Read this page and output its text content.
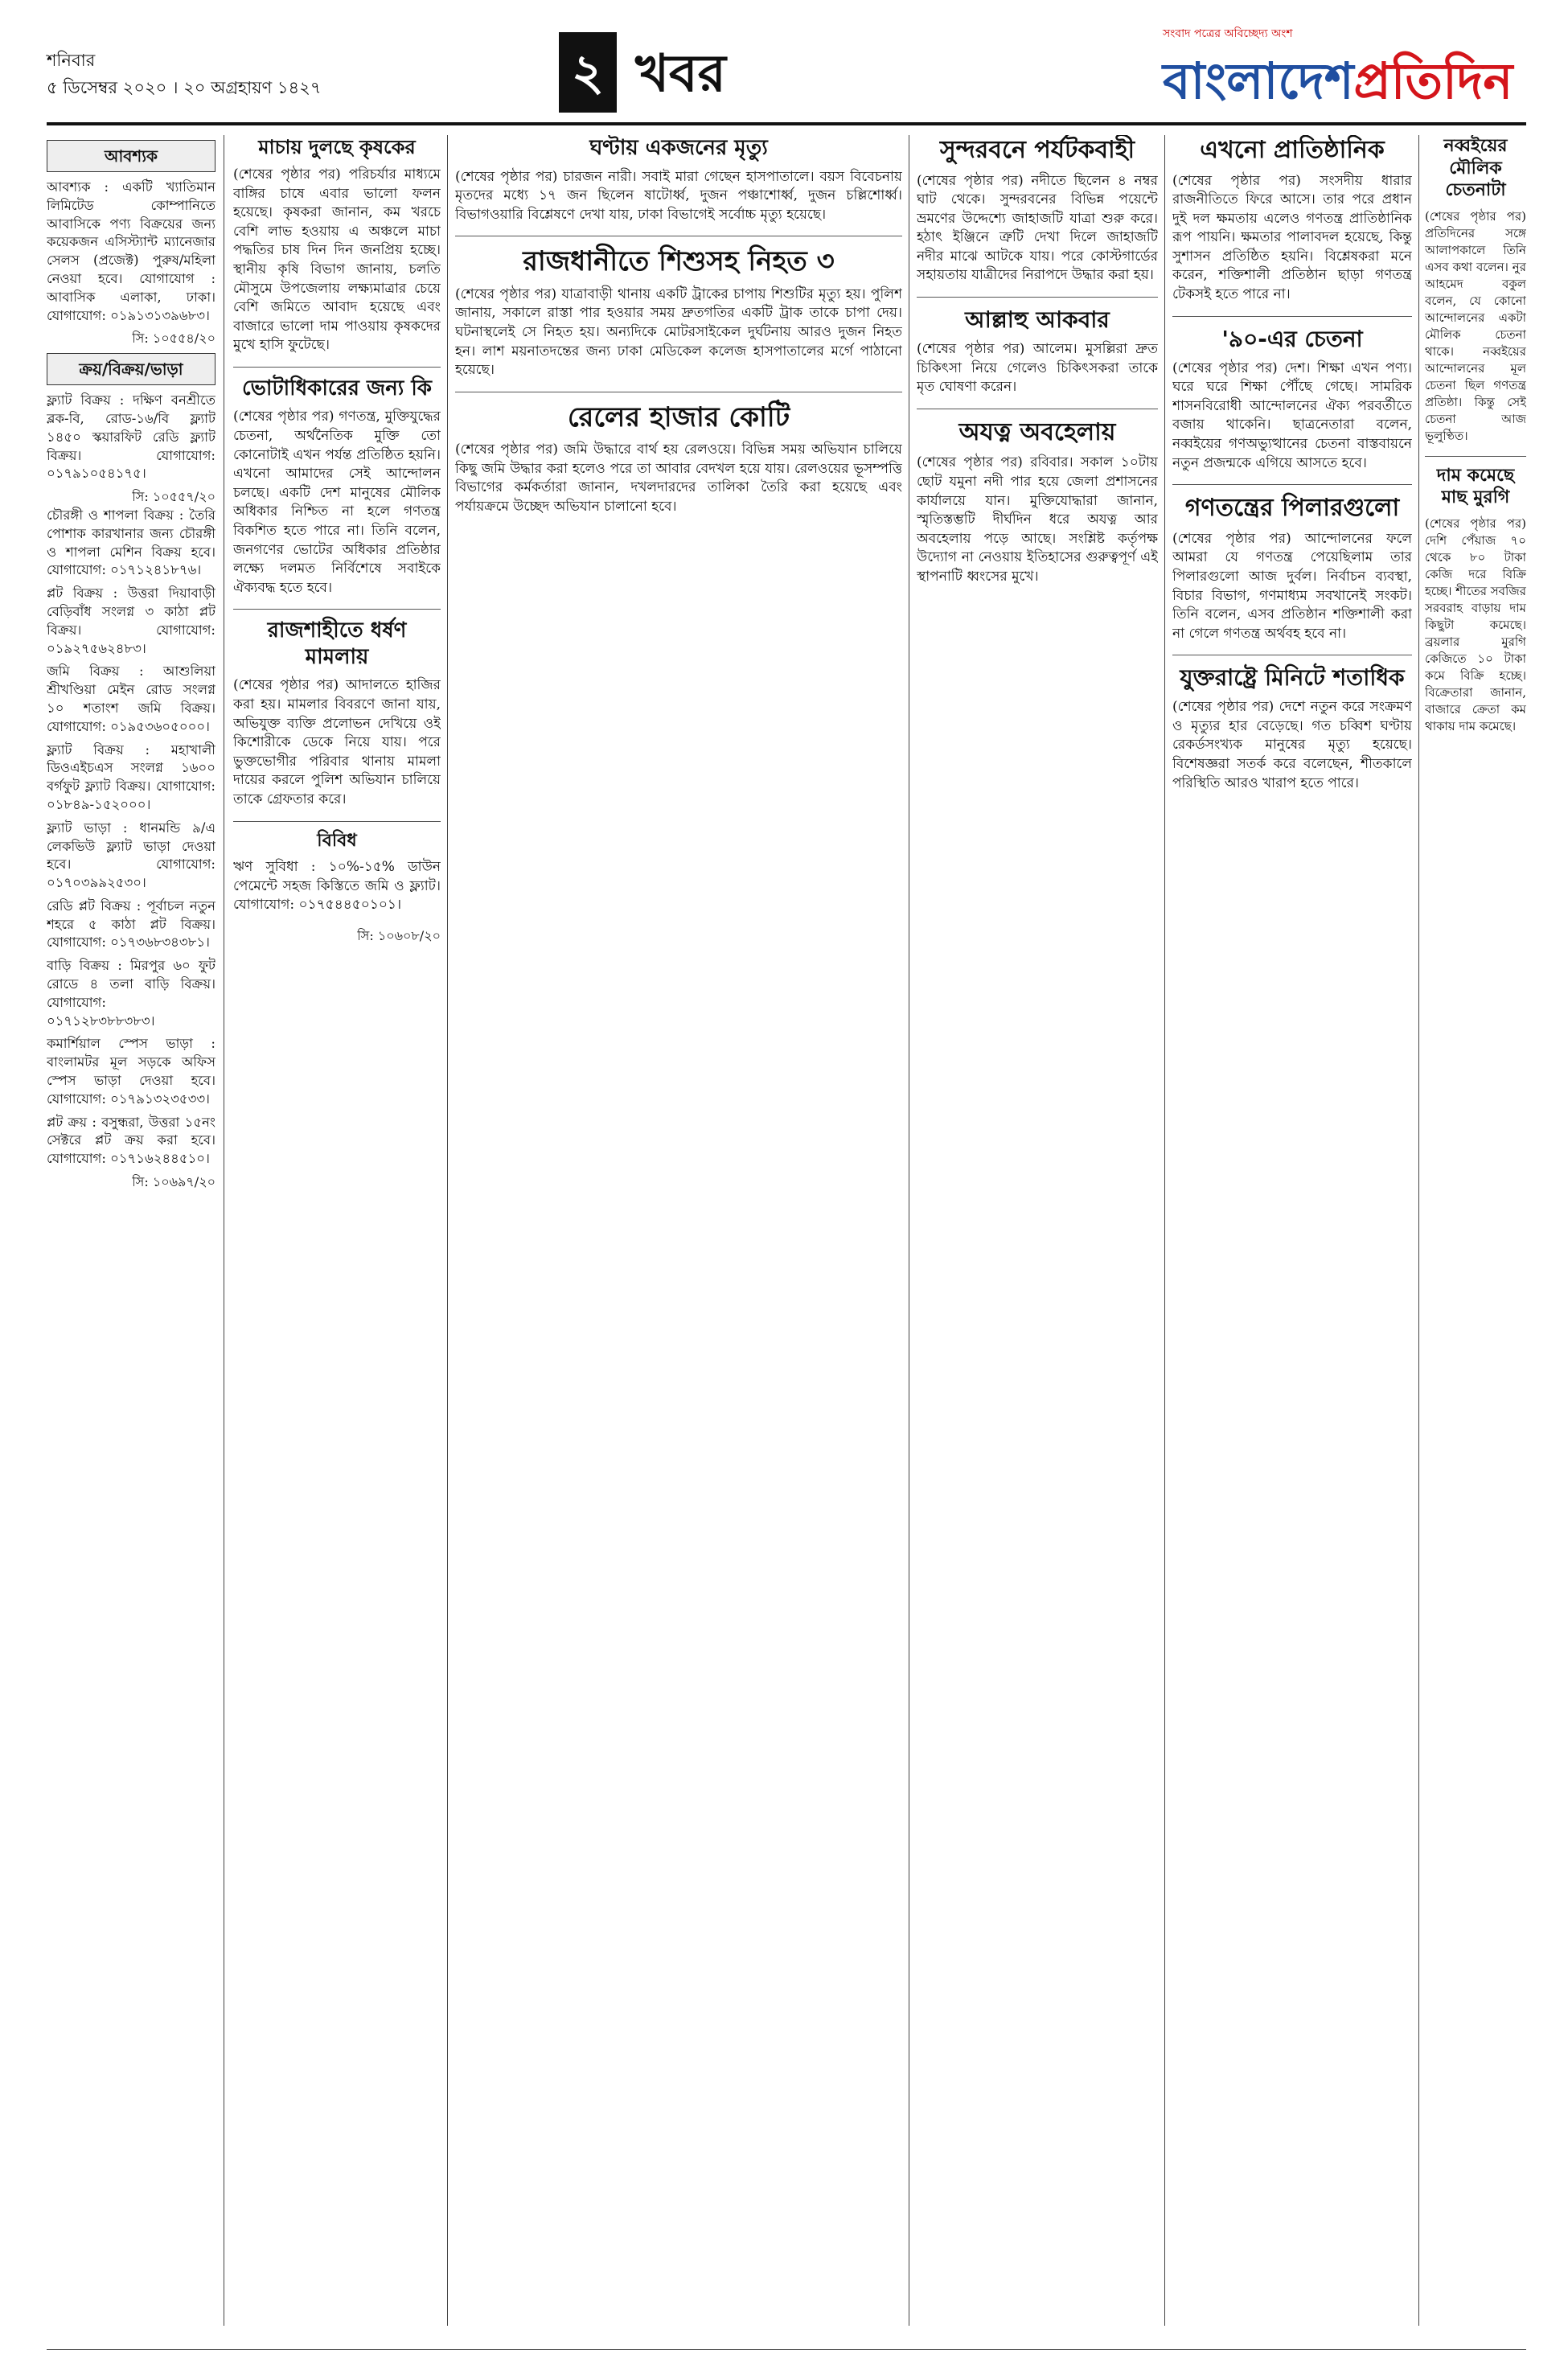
শনিবার
৫ ডিসেম্বর ২০২০ । ২০ অগ্রহায়ণ ১৪২৭	২ খবর
সংবাদ পত্রের অবিচ্ছেদ্য অংশ
বাংলাদেশপ্রতিদিন
আবশ্যক

আবশ্যক : একটি খ্যাতিমান লিমিটেড কোম্পানিতে আবাসিকে পণ্য বিক্রয়ের জন্য কয়েকজন এসিস্ট্যান্ট ম্যানেজার সেলস (প্রজেক্ট) পুরুষ/মহিলা নেওয়া হবে। যোগাযোগ : আবাসিক এলাকা, ঢাকা। যোগাযোগ: ০১৯১৩১৩৯৬৮৩।

সি: ১০৫৫৪/২০
ক্রয়/বিক্রয়/ভাড়া

ফ্ল্যাট বিক্রয় : দক্ষিণ বনশ্রীতে ব্লক-বি, রোড-১৬/বি ফ্ল্যাট ১৪৫০ স্কয়ারফিট রেডি ফ্ল্যাট বিক্রয়। যোগাযোগ: ০১৭৯১০৫৪১৭৫।

সি: ১০৫৫৭/২০

চৌরঙ্গী ও শাপলা বিক্রয় : তৈরি পোশাক কারখানার জন্য চৌরঙ্গী ও শাপলা মেশিন বিক্রয় হবে। যোগাযোগ: ০১৭১২৪১৮৭৬।

প্লট বিক্রয় : উত্তরা দিয়াবাড়ী বেড়িবাঁধ সংলগ্ন ৩ কাঠা প্লট বিক্রয়। যোগাযোগ: ০১৯২৭৫৬২৪৮৩।

জমি বিক্রয় : আশুলিয়া শ্রীখণ্ডিয়া মেইন রোড সংলগ্ন ১০ শতাংশ জমি বিক্রয়। যোগাযোগ: ০১৯৫৩৬০৫০০০।

ফ্ল্যাট বিক্রয় : মহাখালী ডিওএইচএস সংলগ্ন ১৬০০ বর্গফুট ফ্ল্যাট বিক্রয়। যোগাযোগ: ০১৮৪৯-১৫২০০০।

ফ্ল্যাট ভাড়া : ধানমন্ডি ৯/এ লেকভিউ ফ্ল্যাট ভাড়া দেওয়া হবে। যোগাযোগ: ০১৭০৩৯৯২৫৩০।

রেডি প্লট বিক্রয় : পূর্বাচল নতুন শহরে ৫ কাঠা প্লট বিক্রয়। যোগাযোগ: ০১৭৩৬৮৩৪৩৮১।

বাড়ি বিক্রয় : মিরপুর ৬০ ফুট রোডে ৪ তলা বাড়ি বিক্রয়। যোগাযোগ: ০১৭১২৮৩৮৮৩৮৩।

কমার্শিয়াল স্পেস ভাড়া : বাংলামটর মূল সড়কে অফিস স্পেস ভাড়া দেওয়া হবে। যোগাযোগ: ০১৭৯১৩২৩৫৩৩।

প্লট ক্রয় : বসুন্ধরা, উত্তরা ১৫নং সেক্টরে প্লট ক্রয় করা হবে। যোগাযোগ: ০১৭১৬২৪৪৫১০।

সি: ১০৬৯৭/২০
মাচায় দুলছে কৃষকের
(শেষের পৃষ্ঠার পর) পরিচর্যার মাধ্যমে বাঙ্গির চাষে এবার ভালো ফলন হয়েছে। কৃষকরা জানান, কম খরচে বেশি লাভ হওয়ায় এ অঞ্চলে মাচা পদ্ধতির চাষ দিন দিন জনপ্রিয় হচ্ছে। স্থানীয় কৃষি বিভাগ জানায়, চলতি মৌসুমে উপজেলায় লক্ষ্যমাত্রার চেয়ে বেশি জমিতে আবাদ হয়েছে এবং বাজারে ভালো দাম পাওয়ায় কৃষকদের মুখে হাসি ফুটেছে।
ভোটাধিকারের জন্য কি
(শেষের পৃষ্ঠার পর) গণতন্ত্র, মুক্তিযুদ্ধের চেতনা, অর্থনৈতিক মুক্তি তো কোনোটাই এখন পর্যন্ত প্রতিষ্ঠিত হয়নি। এখনো আমাদের সেই আন্দোলন চলছে। একটি দেশ মানুষের মৌলিক অধিকার নিশ্চিত না হলে গণতন্ত্র বিকশিত হতে পারে না। তিনি বলেন, জনগণের ভোটের অধিকার প্রতিষ্ঠার লক্ষ্যে দলমত নির্বিশেষে সবাইকে ঐক্যবদ্ধ হতে হবে।
রাজশাহীতে ধর্ষণ মামলায়
(শেষের পৃষ্ঠার পর) আদালতে হাজির করা হয়। মামলার বিবরণে জানা যায়, অভিযুক্ত ব্যক্তি প্রলোভন দেখিয়ে ওই কিশোরীকে ডেকে নিয়ে যায়। পরে ভুক্তভোগীর পরিবার থানায় মামলা দায়ের করলে পুলিশ অভিযান চালিয়ে তাকে গ্রেফতার করে।
বিবিধ
ঋণ সুবিধা : ১০%-১৫% ডাউন পেমেন্টে সহজ কিস্তিতে জমি ও ফ্ল্যাট। যোগাযোগ: ০১৭৫৪৪৫০১০১।
সি: ১০৬০৮/২০
ঘণ্টায় একজনের মৃত্যু
(শেষের পৃষ্ঠার পর) চারজন নারী। সবাই মারা গেছেন হাসপাতালে। বয়স বিবেচনায় মৃতদের মধ্যে ১৭ জন ছিলেন ষাটোর্ধ্ব, দুজন পঞ্চাশোর্ধ্ব, দুজন চল্লিশোর্ধ্ব। বিভাগওয়ারি বিশ্লেষণে দেখা যায়, ঢাকা বিভাগেই সর্বোচ্চ মৃত্যু হয়েছে।
রাজধানীতে শিশুসহ নিহত ৩
(শেষের পৃষ্ঠার পর) যাত্রাবাড়ী থানায় একটি ট্রাকের চাপায় শিশুটির মৃত্যু হয়। পুলিশ জানায়, সকালে রাস্তা পার হওয়ার সময় দ্রুতগতির একটি ট্রাক তাকে চাপা দেয়। ঘটনাস্থলেই সে নিহত হয়। অন্যদিকে মোটরসাইকেল দুর্ঘটনায় আরও দুজন নিহত হন। লাশ ময়নাতদন্তের জন্য ঢাকা মেডিকেল কলেজ হাসপাতালের মর্গে পাঠানো হয়েছে।
রেলের হাজার কোটি
(শেষের পৃষ্ঠার পর) জমি উদ্ধারে বার্থ হয় রেলওয়ে। বিভিন্ন সময় অভিযান চালিয়ে কিছু জমি উদ্ধার করা হলেও পরে তা আবার বেদখল হয়ে যায়। রেলওয়ের ভূসম্পত্তি বিভাগের কর্মকর্তারা জানান, দখলদারদের তালিকা তৈরি করা হয়েছে এবং পর্যায়ক্রমে উচ্ছেদ অভিযান চালানো হবে।
সুন্দরবনে পর্যটকবাহী
(শেষের পৃষ্ঠার পর) নদীতে ছিলেন ৪ নম্বর ঘাট থেকে। সুন্দরবনের বিভিন্ন পয়েন্টে ভ্রমণের উদ্দেশ্যে জাহাজটি যাত্রা শুরু করে। হঠাৎ ইঞ্জিনে ত্রুটি দেখা দিলে জাহাজটি নদীর মাঝে আটকে যায়। পরে কোস্টগার্ডের সহায়তায় যাত্রীদের নিরাপদে উদ্ধার করা হয়।
আল্লাহু আকবার
(শেষের পৃষ্ঠার পর) আলেম। মুসল্লিরা দ্রুত চিকিৎসা নিয়ে গেলেও চিকিৎসকরা তাকে মৃত ঘোষণা করেন।
অযত্ন অবহেলায়
(শেষের পৃষ্ঠার পর) রবিবার। সকাল ১০টায় ছোট যমুনা নদী পার হয়ে জেলা প্রশাসনের কার্যালয়ে যান। মুক্তিযোদ্ধারা জানান, স্মৃতিস্তম্ভটি দীর্ঘদিন ধরে অযত্ন আর অবহেলায় পড়ে আছে। সংশ্লিষ্ট কর্তৃপক্ষ উদ্যোগ না নেওয়ায় ইতিহাসের গুরুত্বপূর্ণ এই স্থাপনাটি ধ্বংসের মুখে।
এখনো প্রাতিষ্ঠানিক
(শেষের পৃষ্ঠার পর) সংসদীয় ধারার রাজনীতিতে ফিরে আসে। তার পরে প্রধান দুই দল ক্ষমতায় এলেও গণতন্ত্র প্রাতিষ্ঠানিক রূপ পায়নি। ক্ষমতার পালাবদল হয়েছে, কিন্তু সুশাসন প্রতিষ্ঠিত হয়নি। বিশ্লেষকরা মনে করেন, শক্তিশালী প্রতিষ্ঠান ছাড়া গণতন্ত্র টেকসই হতে পারে না।
'৯০-এর চেতনা
(শেষের পৃষ্ঠার পর) দেশ। শিক্ষা এখন পণ্য। ঘরে ঘরে শিক্ষা পৌঁছে গেছে। সামরিক শাসনবিরোধী আন্দোলনের ঐক্য পরবর্তীতে বজায় থাকেনি। ছাত্রনেতারা বলেন, নব্বইয়ের গণঅভ্যুত্থানের চেতনা বাস্তবায়নে নতুন প্রজন্মকে এগিয়ে আসতে হবে।
গণতন্ত্রের পিলারগুলো
(শেষের পৃষ্ঠার পর) আন্দোলনের ফলে আমরা যে গণতন্ত্র পেয়েছিলাম তার পিলারগুলো আজ দুর্বল। নির্বাচন ব্যবস্থা, বিচার বিভাগ, গণমাধ্যম সবখানেই সংকট। তিনি বলেন, এসব প্রতিষ্ঠান শক্তিশালী করা না গেলে গণতন্ত্র অর্থবহ হবে না।
যুক্তরাষ্ট্রে মিনিটে শতাধিক
(শেষের পৃষ্ঠার পর) দেশে নতুন করে সংক্রমণ ও মৃত্যুর হার বেড়েছে। গত চব্বিশ ঘণ্টায় রেকর্ডসংখ্যক মানুষের মৃত্যু হয়েছে। বিশেষজ্ঞরা সতর্ক করে বলেছেন, শীতকালে পরিস্থিতি আরও খারাপ হতে পারে।
নব্বইয়ের মৌলিক চেতনাটা
(শেষের পৃষ্ঠার পর) প্রতিদিনের সঙ্গে আলাপকালে তিনি এসব কথা বলেন। নুর আহমেদ বকুল বলেন, যে কোনো আন্দোলনের একটা মৌলিক চেতনা থাকে। নব্বইয়ের আন্দোলনের মূল চেতনা ছিল গণতন্ত্র প্রতিষ্ঠা। কিন্তু সেই চেতনা আজ ভূলুণ্ঠিত।
দাম কমেছে মাছ মুরগি
(শেষের পৃষ্ঠার পর) দেশি পেঁয়াজ ৭০ থেকে ৮০ টাকা কেজি দরে বিক্রি হচ্ছে। শীতের সবজির সরবরাহ বাড়ায় দাম কিছুটা কমেছে। ব্রয়লার মুরগি কেজিতে ১০ টাকা কমে বিক্রি হচ্ছে। বিক্রেতারা জানান, বাজারে ক্রেতা কম থাকায় দাম কমেছে।
